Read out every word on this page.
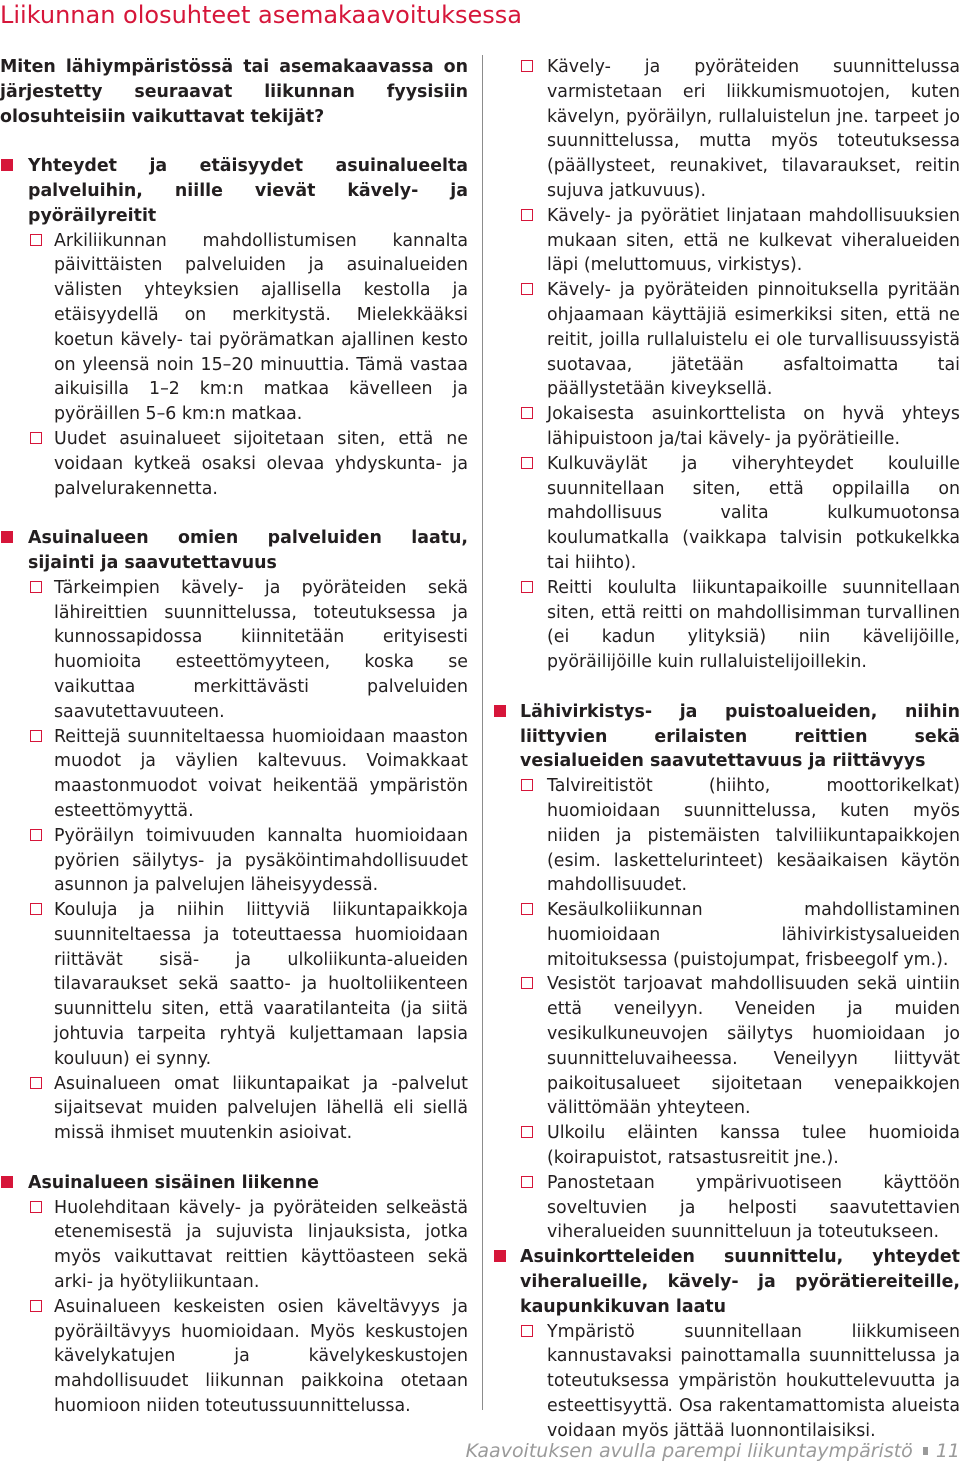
Liikunnan olosuhteet asemakaavoituksessa

Miten lähiympäristössä tai asemakaavassa on järjestetty seuraavat liikunnan fyysisiin olosuhteisiin vaikuttavat tekijät?

Yhteydet ja etäisyydet asuinalueelta palveluihin, niille vievät kävely- ja pyöräilyreitit

Arkiliikunnan mahdollistumisen kannalta päivittäisten palveluiden ja asuinalueiden välisten yhteyksien ajallisella kestolla ja etäisyydellä on merkitystä. Mielekkääksi koetun kävely- tai pyörämatkan ajallinen kesto on yleensä noin 15–20 minuuttia. Tämä vastaa aikuisilla 1–2 km:n matkaa kävelleen ja pyöräillen 5–6 km:n matkaa.

Uudet asuinalueet sijoitetaan siten, että ne voidaan kytkeä osaksi olevaa yhdyskunta- ja palvelurakennetta.

Asuinalueen omien palveluiden laatu, sijainti ja saavutettavuus

Tärkeimpien kävely- ja pyöräteiden sekä lähireittien suunnittelussa, toteutuksessa ja kunnossapidossa kiinnitetään erityisesti huomioita esteettömyyteen, koska se vaikuttaa merkittävästi palveluiden saavutettavuuteen.

Reittejä suunniteltaessa huomioidaan maaston muodot ja väylien kaltevuus. Voimakkaat maastonmuodot voivat heikentää ympäristön esteettömyyttä.

Pyöräilyn toimivuuden kannalta huomioidaan pyörien säilytys- ja pysäköintimahdollisuudet asunnon ja palvelujen läheisyydessä.

Kouluja ja niihin liittyviä liikuntapaikkoja suunniteltaessa ja toteuttaessa huomioidaan riittävät sisä- ja ulkoliikunta-alueiden tilavaraukset sekä saatto- ja huoltoliikenteen suunnittelu siten, että vaaratilanteita (ja siitä johtuvia tarpeita ryhtyä kuljettamaan lapsia kouluun) ei synny.

Asuinalueen omat liikuntapaikat ja -palvelut sijaitsevat muiden palvelujen lähellä eli siellä missä ihmiset muutenkin asioivat.

Asuinalueen sisäinen liikenne

Huolehditaan kävely- ja pyöräteiden selkeästä etenemisestä ja sujuvista linjauksista, jotka myös vaikuttavat reittien käyttöasteen sekä arki- ja hyötyliikuntaan.

Asuinalueen keskeisten osien käveltävyys ja pyöräiltävyys huomioidaan. Myös keskustojen kävelykatujen ja kävelykeskustojen mahdollisuudet liikunnan paikkoina otetaan huomioon niiden toteutussuunnittelussa.

Kävely- ja pyöräteiden suunnittelussa varmistetaan eri liikkumismuotojen, kuten kävelyn, pyöräilyn, rullaluistelun jne. tarpeet jo suunnittelussa, mutta myös toteutuksessa (päällysteet, reunakivet, tilavaraukset, reitin sujuva jatkuvuus).

Kävely- ja pyörätiet linjataan mahdollisuuksien mukaan siten, että ne kulkevat viheralueiden läpi (meluttomuus, virkistys).

Kävely- ja pyöräteiden pinnoituksella pyritään ohjaamaan käyttäjiä esimerkiksi siten, että ne reitit, joilla rullaluistelu ei ole turvallisuussyistä suotavaa, jätetään asfaltoimatta tai päällystetään kiveyksellä.

Jokaisesta asuinkorttelista on hyvä yhteys lähipuistoon ja/tai kävely- ja pyörätieille.

Kulkuväylät ja viheryhteydet kouluille suunnitellaan siten, että oppilailla on mahdollisuus valita kulkumuotonsa koulumatkalla (vaikkapa talvisin potkukelkka tai hiihto).

Reitti koululta liikuntapaikoille suunnitellaan siten, että reitti on mahdollisimman turvallinen (ei kadun ylityksiä) niin kävelijöille, pyöräilijöille kuin rullaluistelijoillekin.

Lähivirkistys- ja puistoalueiden, niihin liittyvien erilaisten reittien sekä vesialueiden saavutettavuus ja riittävyys

Talvireitistöt (hiihto, moottorikelkat) huomioidaan suunnittelussa, kuten myös niiden ja pistemäisten talviliikuntapaikkojen (esim. laskettelurinteet) kesäaikaisen käytön mahdollisuudet.

Kesäulkoliikunnan mahdollistaminen huomioidaan lähivirkistysalueiden mitoituksessa (puistojumpat, frisbeegolf ym.).

Vesistöt tarjoavat mahdollisuuden sekä uintiin että veneilyyn. Veneiden ja muiden vesikulkuneuvojen säilytys huomioidaan jo suunnitteluvaiheessa. Veneilyyn liittyvät paikoitusalueet sijoitetaan venepaikkojen välittömään yhteyteen.

Ulkoilu eläinten kanssa tulee huomioida (koirapuistot, ratsastusreitit jne.).

Panostetaan ympärivuotiseen käyttöön soveltuvien ja helposti saavutettavien viheralueiden suunnitteluun ja toteutukseen.

Asuinkortteleiden suunnittelu, yhteydet viheralueille, kävely- ja pyörätiereiteille, kaupunkikuvan laatu

Ympäristö suunnitellaan liikkumiseen kannustavaksi painottamalla suunnittelussa ja toteutuksessa ympäristön houkuttelevuutta ja esteettisyyttä. Osa rakentamattomista alueista voidaan myös jättää luonnontilaisiksi.

Kaavoituksen avulla parempi liikuntaympäristö 11
